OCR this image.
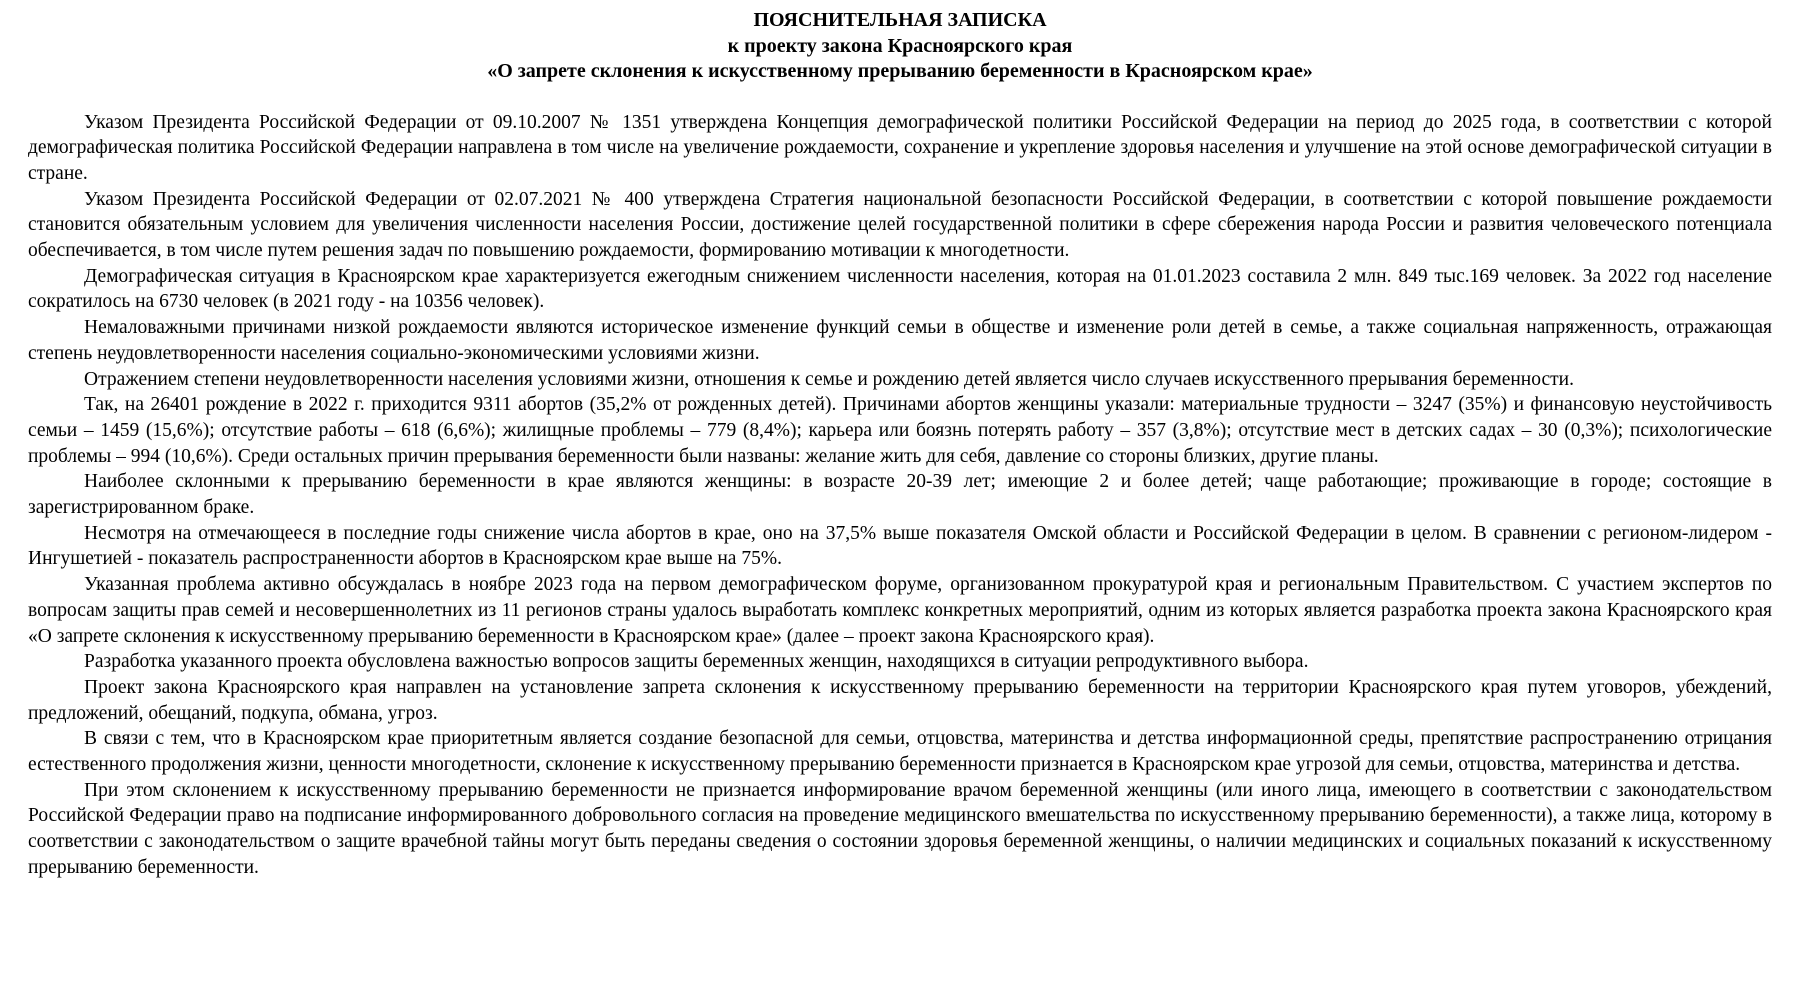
ПОЯСНИТЕЛЬНАЯ ЗАПИСКА
к проекту закона Красноярского края
«О запрете склонения к искусственному прерыванию беременности в Красноярском крае»

Указом Президента Российской Федерации от 09.10.2007 № 1351 утверждена Концепция демографической политики Российской Федерации на период до 2025 года, в соответствии с которой демографическая политика Российской Федерации направлена в том числе на увеличение рождаемости, сохранение и укрепление здоровья населения и улучшение на этой основе демографической ситуации в стране.

Указом Президента Российской Федерации от 02.07.2021 № 400 утверждена Стратегия национальной безопасности Российской Федерации, в соответствии с которой повышение рождаемости становится обязательным условием для увеличения численности населения России, достижение целей государственной политики в сфере сбережения народа России и развития человеческого потенциала обеспечивается, в том числе путем решения задач по повышению рождаемости, формированию мотивации к многодетности.

Демографическая ситуация в Красноярском крае характеризуется ежегодным снижением численности населения, которая на 01.01.2023 составила 2 млн. 849 тыс.169 человек. За 2022 год население сократилось на 6730 человек (в 2021 году - на 10356 человек).

Немаловажными причинами низкой рождаемости являются историческое изменение функций семьи в обществе и изменение роли детей в семье, а также социальная напряженность, отражающая степень неудовлетворенности населения социально-экономическими условиями жизни.

Отражением степени неудовлетворенности населения условиями жизни, отношения к семье и рождению детей является число случаев искусственного прерывания беременности.

Так, на 26401 рождение в 2022 г. приходится 9311 абортов (35,2% от рожденных детей). Причинами абортов женщины указали: материальные трудности – 3247 (35%) и финансовую неустойчивость семьи – 1459 (15,6%); отсутствие работы – 618 (6,6%); жилищные проблемы – 779 (8,4%); карьера или боязнь потерять работу – 357 (3,8%); отсутствие мест в детских садах – 30 (0,3%); психологические проблемы – 994 (10,6%). Среди остальных причин прерывания беременности были названы: желание жить для себя, давление со стороны близких, другие планы.

Наиболее склонными к прерыванию беременности в крае являются женщины: в возрасте 20-39 лет; имеющие 2 и более детей; чаще работающие; проживающие в городе; состоящие в зарегистрированном браке.

Несмотря на отмечающееся в последние годы снижение числа абортов в крае, оно на 37,5% выше показателя Омской области и Российской Федерации в целом. В сравнении с регионом-лидером - Ингушетией - показатель распространенности абортов в Красноярском крае выше на 75%.

Указанная проблема активно обсуждалась в ноябре 2023 года на первом демографическом форуме, организованном прокуратурой края и региональным Правительством. С участием экспертов по вопросам защиты прав семей и несовершеннолетних из 11 регионов страны удалось выработать комплекс конкретных мероприятий, одним из которых является разработка проекта закона Красноярского края «О запрете склонения к искусственному прерыванию беременности в Красноярском крае» (далее – проект закона Красноярского края).

Разработка указанного проекта обусловлена важностью вопросов защиты беременных женщин, находящихся в ситуации репродуктивного выбора.

Проект закона Красноярского края направлен на установление запрета склонения к искусственному прерыванию беременности на территории Красноярского края путем уговоров, убеждений, предложений, обещаний, подкупа, обмана, угроз.

В связи с тем, что в Красноярском крае приоритетным является создание безопасной для семьи, отцовства, материнства и детства информационной среды, препятствие распространению отрицания естественного продолжения жизни, ценности многодетности, склонение к искусственному прерыванию беременности признается в Красноярском крае угрозой для семьи, отцовства, материнства и детства.

При этом склонением к искусственному прерыванию беременности не признается информирование врачом беременной женщины (или иного лица, имеющего в соответствии с законодательством Российской Федерации право на подписание информированного добровольного согласия на проведение медицинского вмешательства по искусственному прерыванию беременности), а также лица, которому в соответствии с законодательством о защите врачебной тайны могут быть переданы сведения о состоянии здоровья беременной женщины, о наличии медицинских и социальных показаний к искусственному прерыванию беременности.
